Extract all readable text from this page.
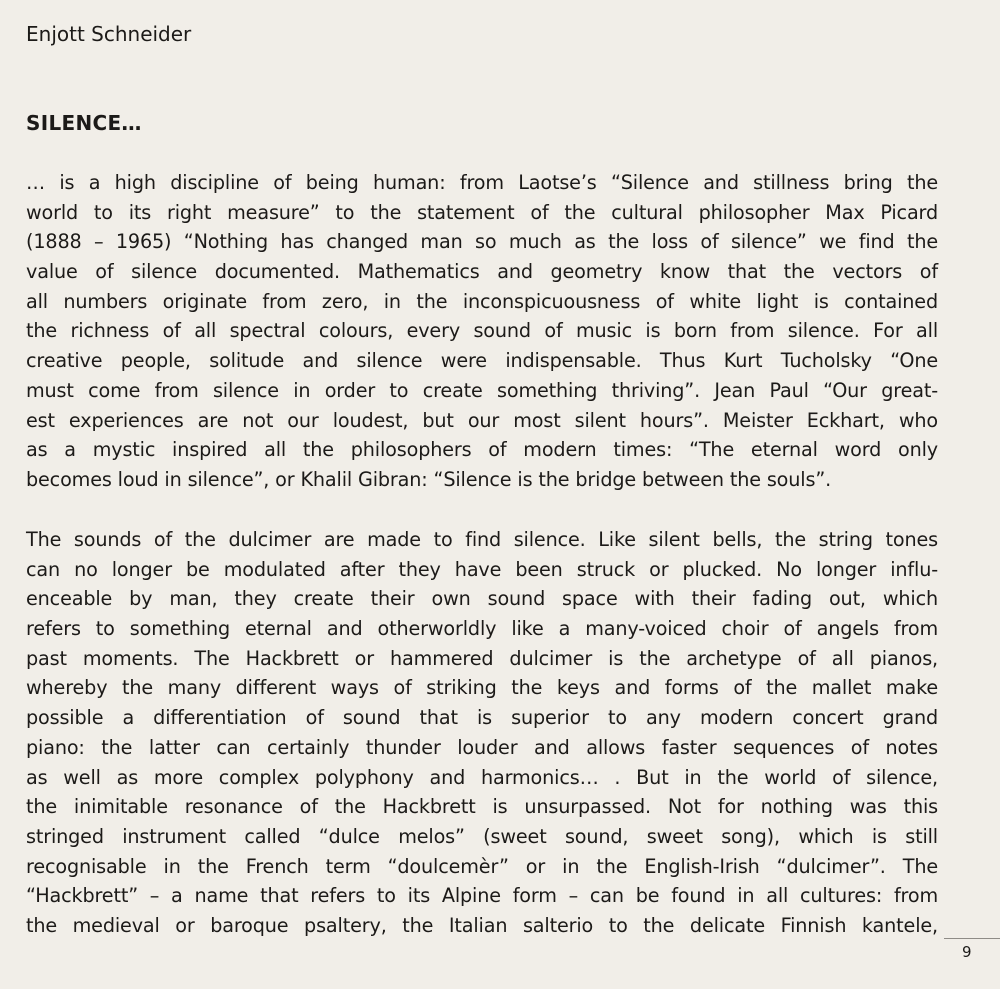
Enjott Schneider
SILENCE…
… is a high discipline of being human: from Laotse’s “Silence and stillness bring the
world to its right measure” to the statement of the cultural philosopher Max Picard
(1888 – 1965) “Nothing has changed man so much as the loss of silence” we find the
value of silence documented. Mathematics and geometry know that the vectors of
all numbers originate from zero, in the inconspicuousness of white light is contained
the richness of all spectral colours, every sound of music is born from silence. For all
creative people, solitude and silence were indispensable. Thus Kurt Tucholsky “One
must come from silence in order to create something thriving”. Jean Paul “Our great-
est experiences are not our loudest, but our most silent hours”. Meister Eckhart, who
as a mystic inspired all the philosophers of modern times: “The eternal word only
becomes loud in silence”, or Khalil Gibran: “Silence is the bridge between the souls”.
The sounds of the dulcimer are made to find silence. Like silent bells, the string tones
can no longer be modulated after they have been struck or plucked. No longer influ-
enceable by man, they create their own sound space with their fading out, which
refers to something eternal and otherworldly like a many-voiced choir of angels from
past moments. The Hackbrett or hammered dulcimer is the archetype of all pianos,
whereby the many different ways of striking the keys and forms of the mallet make
possible a differentiation of sound that is superior to any modern concert grand
piano: the latter can certainly thunder louder and allows faster sequences of notes
as well as more complex polyphony and harmonics… . But in the world of silence,
the inimitable resonance of the Hackbrett is unsurpassed. Not for nothing was this
stringed instrument called “dulce melos” (sweet sound, sweet song), which is still
recognisable in the French term “doulcemèr” or in the English-Irish “dulcimer”. The
“Hackbrett” – a name that refers to its Alpine form – can be found in all cultures: from
the medieval or baroque psaltery, the Italian salterio to the delicate Finnish kantele,
9
